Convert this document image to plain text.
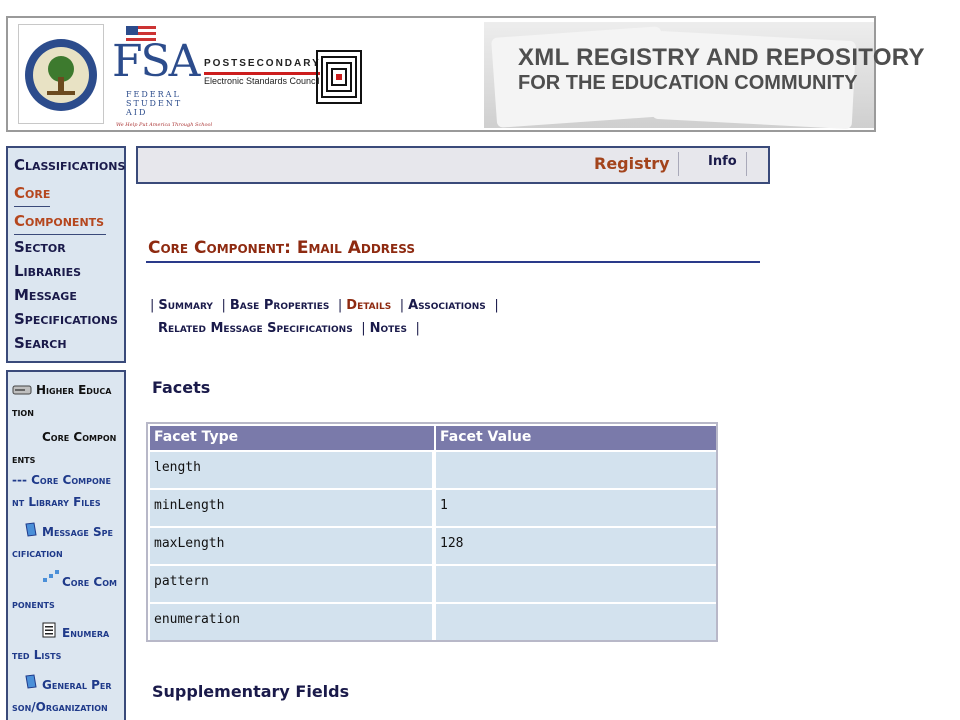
FSA
FEDERAL STUDENT AID
We Help Put America Through School
POSTSECONDARY
Electronic Standards Council
XML REGISTRY AND REPOSITORY
FOR THE EDUCATION COMMUNITY
Classifications
Core
Components
Sector
Libraries
Message
Specifications
Search
Higher Educa
tion
Core Compon
ents
--- Core Compone
nt Library Files
Message Spe
cification
Core Com
ponents
Enumera
ted Lists
General Per
son/Organization
Registry	Info
Core Component: Email Address
| Summary | Base Properties | Details | Associations |
Related Message Specifications | Notes |
Facets
Facet Type	Facet Value
length
minLength	1
maxLength	128
pattern
enumeration
Supplementary Fields
